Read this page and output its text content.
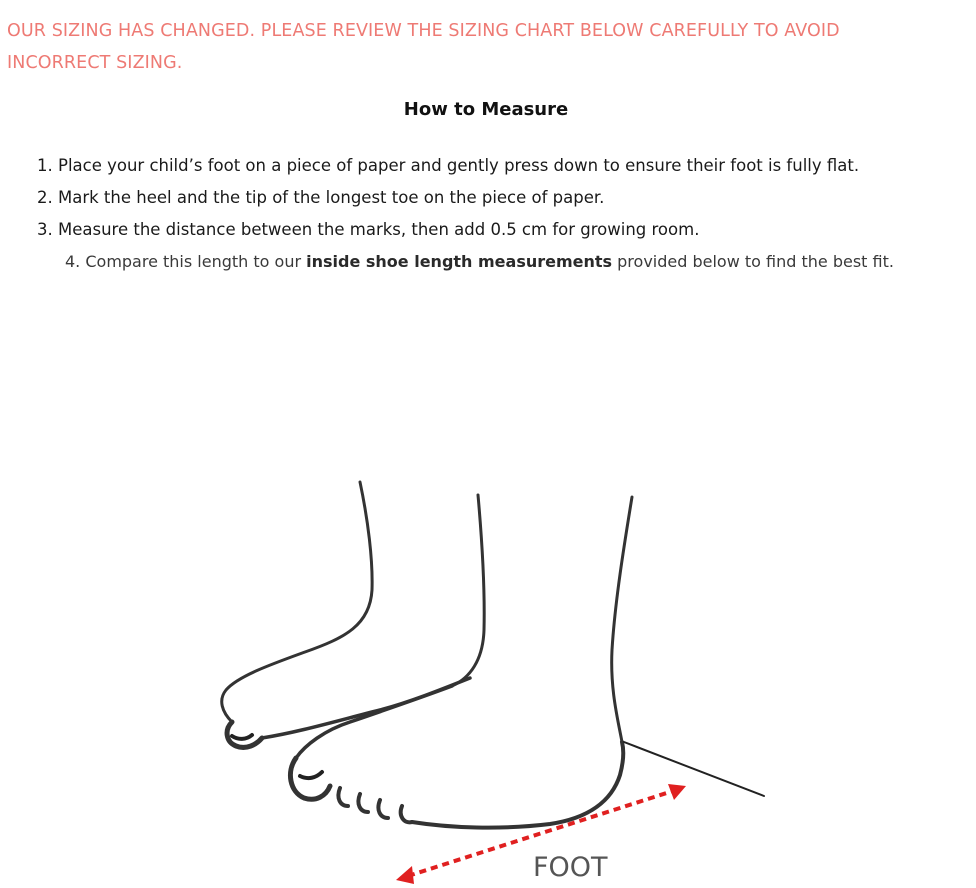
OUR SIZING HAS CHANGED. PLEASE REVIEW THE SIZING CHART BELOW CAREFULLY TO AVOID INCORRECT SIZING.
How to Measure
1. Place your child’s foot on a piece of paper and gently press down to ensure their foot is fully flat.
2. Mark the heel and the tip of the longest toe on the piece of paper.
3. Measure the distance between the marks, then add 0.5 cm for growing room.
4. Compare this length to our inside shoe length measurements provided below to find the best fit.
FOOT
